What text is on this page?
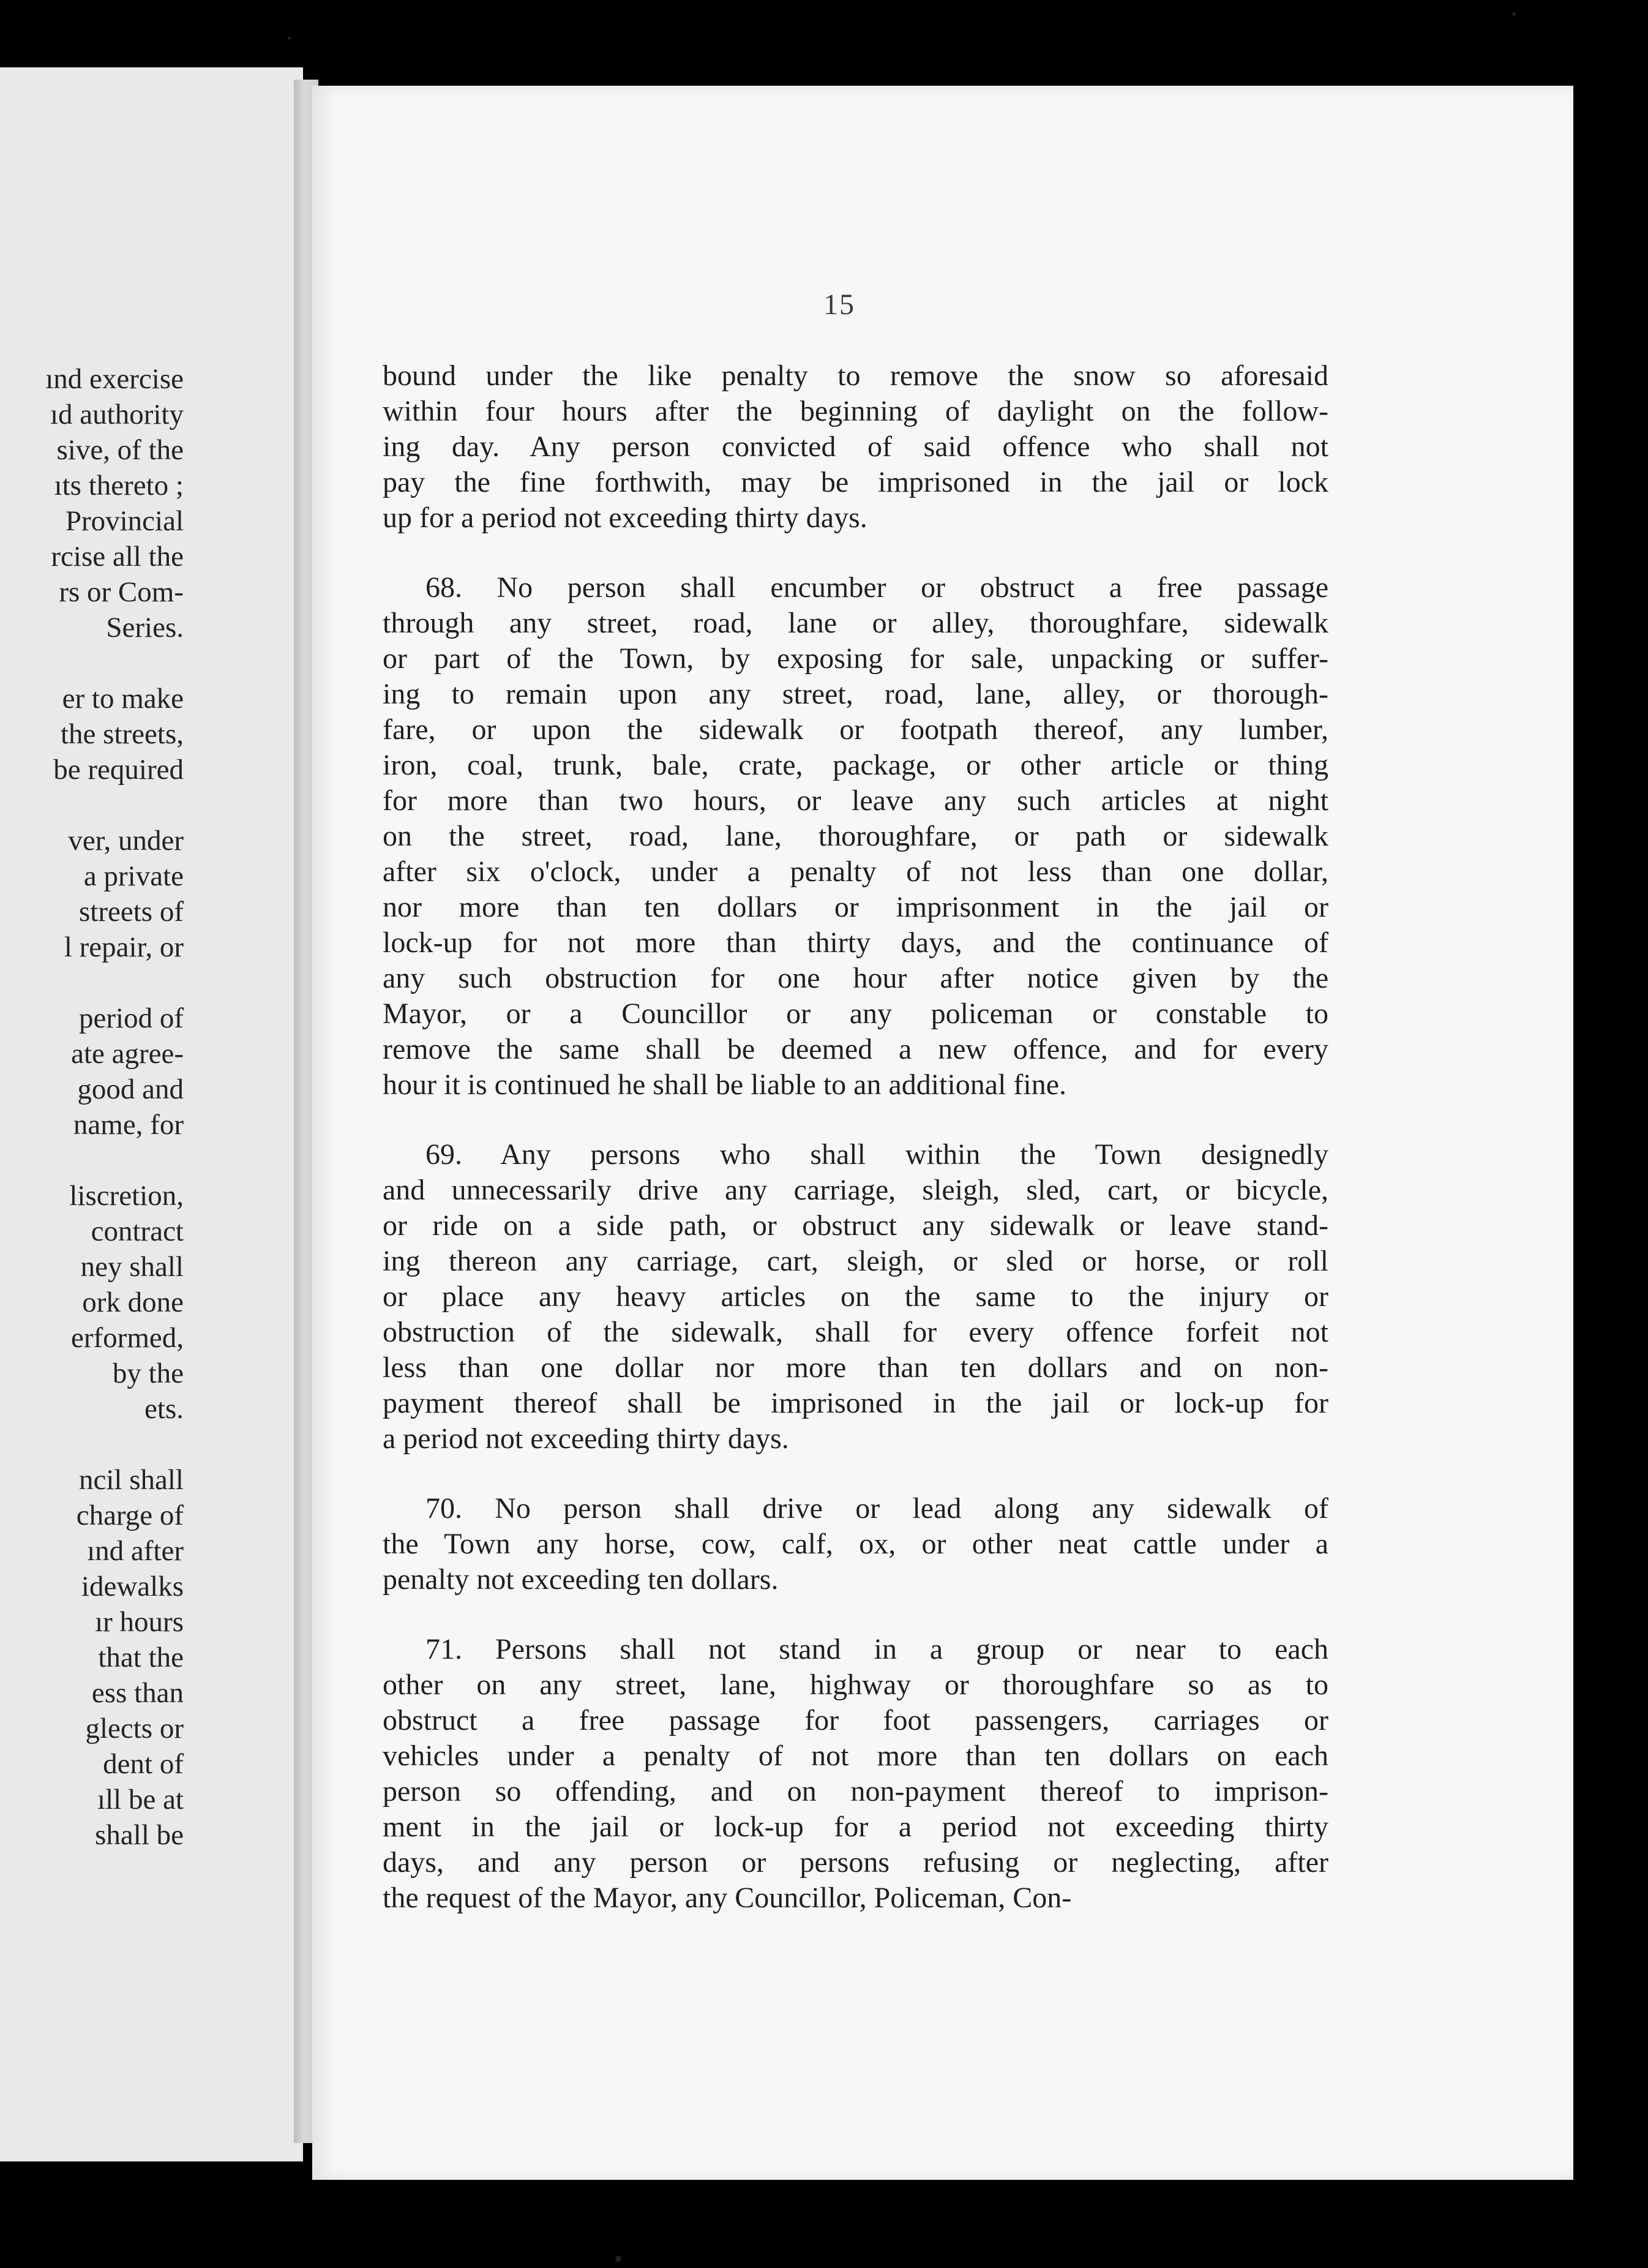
ınd exercise
ıd authority
sive, of the
ıts thereto ;
Provincial
rcise all the
rs or Com-
Series.
er to make
the streets,
be required
ver, under
a private
streets of
l repair, or
period of
ate agree-
good and
name, for
liscretion,
contract
ney shall
ork done
erformed,
by the
ets.
ncil shall
charge of
ınd after
idewalks
ır hours
that the
ess than
glects or
dent of
ıll be at
shall be
15
bound under the like penalty to remove the snow so aforesaid
within four hours after the beginning of daylight on the follow-
ing day. Any person convicted of said offence who shall not
pay the fine forthwith, may be imprisoned in the jail or lock
up for a period not exceeding thirty days.
68. No person shall encumber or obstruct a free passage
through any street, road, lane or alley, thoroughfare, sidewalk
or part of the Town, by exposing for sale, unpacking or suffer-
ing to remain upon any street, road, lane, alley, or thorough-
fare, or upon the sidewalk or footpath thereof, any lumber,
iron, coal, trunk, bale, crate, package, or other article or thing
for more than two hours, or leave any such articles at night
on the street, road, lane, thoroughfare, or path or sidewalk
after six o'clock, under a penalty of not less than one dollar,
nor more than ten dollars or imprisonment in the jail or
lock-up for not more than thirty days, and the continuance of
any such obstruction for one hour after notice given by the
Mayor, or a Councillor or any policeman or constable to
remove the same shall be deemed a new offence, and for every
hour it is continued he shall be liable to an additional fine.
69. Any persons who shall within the Town designedly
and unnecessarily drive any carriage, sleigh, sled, cart, or bicycle,
or ride on a side path, or obstruct any sidewalk or leave stand-
ing thereon any carriage, cart, sleigh, or sled or horse, or roll
or place any heavy articles on the same to the injury or
obstruction of the sidewalk, shall for every offence forfeit not
less than one dollar nor more than ten dollars and on non-
payment thereof shall be imprisoned in the jail or lock-up for
a period not exceeding thirty days.
70. No person shall drive or lead along any sidewalk of
the Town any horse, cow, calf, ox, or other neat cattle under a
penalty not exceeding ten dollars.
71. Persons shall not stand in a group or near to each
other on any street, lane, highway or thoroughfare so as to
obstruct a free passage for foot passengers, carriages or
vehicles under a penalty of not more than ten dollars on each
person so offending, and on non-payment thereof to imprison-
ment in the jail or lock-up for a period not exceeding thirty
days, and any person or persons refusing or neglecting, after
the request of the Mayor, any Councillor, Policeman, Con-
